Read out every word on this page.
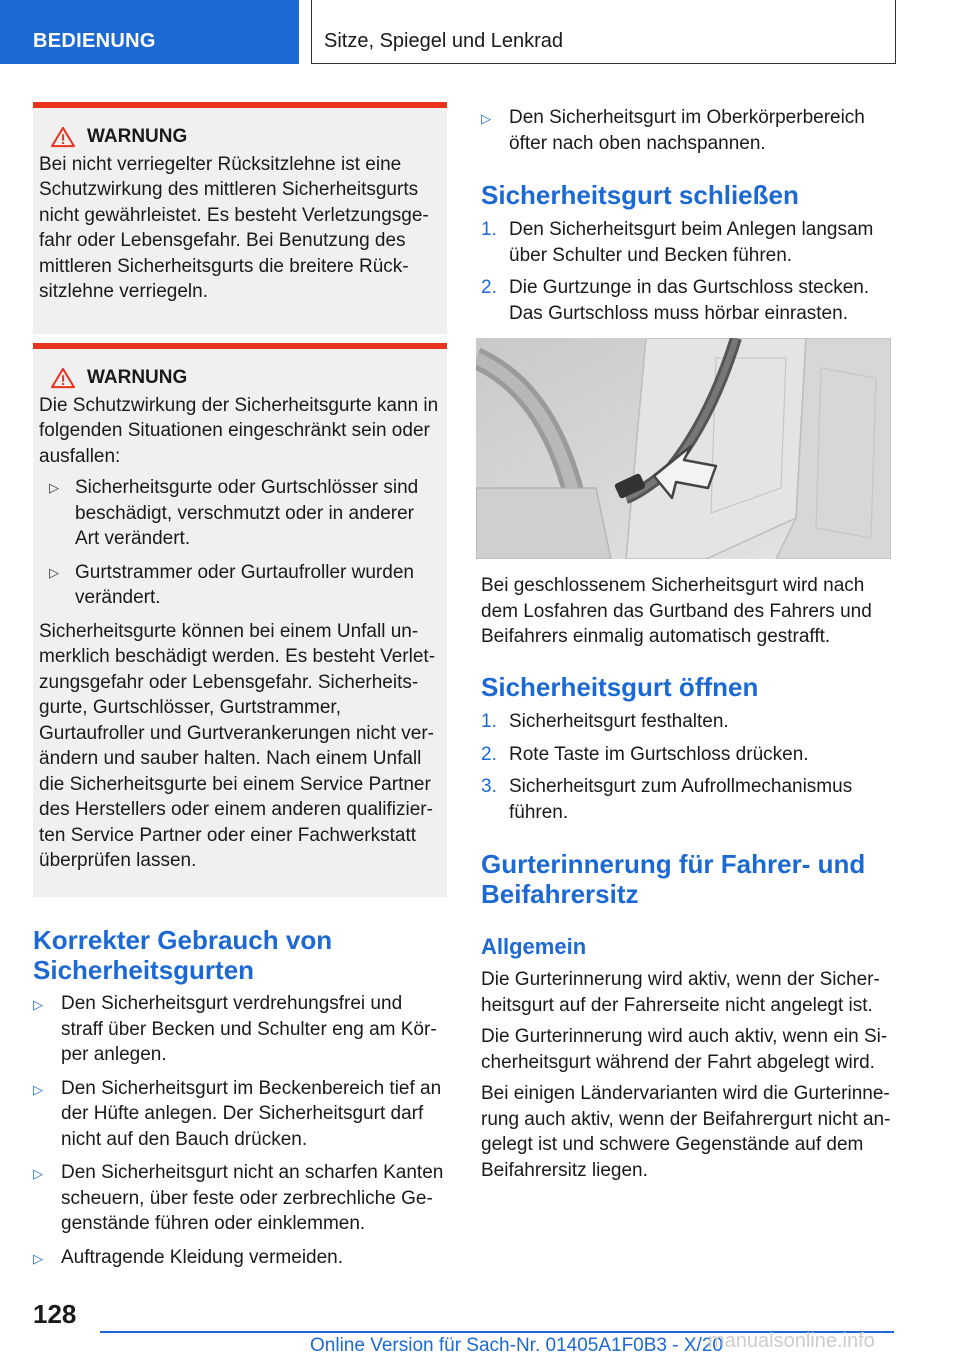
BEDIENUNG	Sitze, Spiegel und Lenkrad
WARNUNG

Bei nicht verriegelter Rücksitzlehne ist eine Schutzwirkung des mittleren Sicherheitsgurts nicht gewährleistet. Es besteht Verletzungsgefahr oder Lebensgefahr. Bei Benutzung des mittleren Sicherheitsgurts die breitere Rücksitzlehne verriegeln.

WARNUNG

Die Schutzwirkung der Sicherheitsgurte kann in folgenden Situationen eingeschränkt sein oder ausfallen:

▷ Sicherheitsgurte oder Gurtschlösser sind beschädigt, verschmutzt oder in anderer Art verändert.
▷ Gurtstrammer oder Gurtaufroller wurden verändert.

Sicherheitsgurte können bei einem Unfall unmerklich beschädigt werden. Es besteht Verletzungsgefahr oder Lebensgefahr. Sicherheitsgurte, Gurtschlösser, Gurtstrammer, Gurtaufroller und Gurtverankerungen nicht verändern und sauber halten. Nach einem Unfall die Sicherheitsgurte bei einem Service Partner des Herstellers oder einem anderen qualifizierten Service Partner oder einer Fachwerkstatt überprüfen lassen.

Korrekter Gebrauch von Sicherheitsgurten
▷ Den Sicherheitsgurt verdrehungsfrei und straff über Becken und Schulter eng am Körper anlegen.
▷ Den Sicherheitsgurt im Beckenbereich tief an der Hüfte anlegen. Der Sicherheitsgurt darf nicht auf den Bauch drücken.
▷ Den Sicherheitsgurt nicht an scharfen Kanten scheuern, über feste oder zerbrechliche Gegenstände führen oder einklemmen.
▷ Auftragende Kleidung vermeiden.
▷ Den Sicherheitsgurt im Oberkörperbereich öfter nach oben nachspannen.
Sicherheitsgurt schließen
1. Den Sicherheitsgurt beim Anlegen langsam über Schulter und Becken führen.
2. Die Gurtzunge in das Gurtschloss stecken. Das Gurtschloss muss hörbar einrasten.
Bei geschlossenem Sicherheitsgurt wird nach dem Losfahren das Gurtband des Fahrers und Beifahrers einmalig automatisch gestrafft.
Sicherheitsgurt öffnen
1. Sicherheitsgurt festhalten.
2. Rote Taste im Gurtschloss drücken.
3. Sicherheitsgurt zum Aufrollmechanismus führen.
Gurterinnerung für Fahrer- und Beifahrersitz
Allgemein
Die Gurterinnerung wird aktiv, wenn der Sicherheitsgurt auf der Fahrerseite nicht angelegt ist.
Die Gurterinnerung wird auch aktiv, wenn ein Sicherheitsgurt während der Fahrt abgelegt wird.
Bei einigen Ländervarianten wird die Gurterinnerung auch aktiv, wenn der Beifahrergurt nicht angelegt ist und schwere Gegenstände auf dem Beifahrersitz liegen.
128
Online Version für Sach-Nr. 01405A1F0B3 - X/20
manualsonline.info
